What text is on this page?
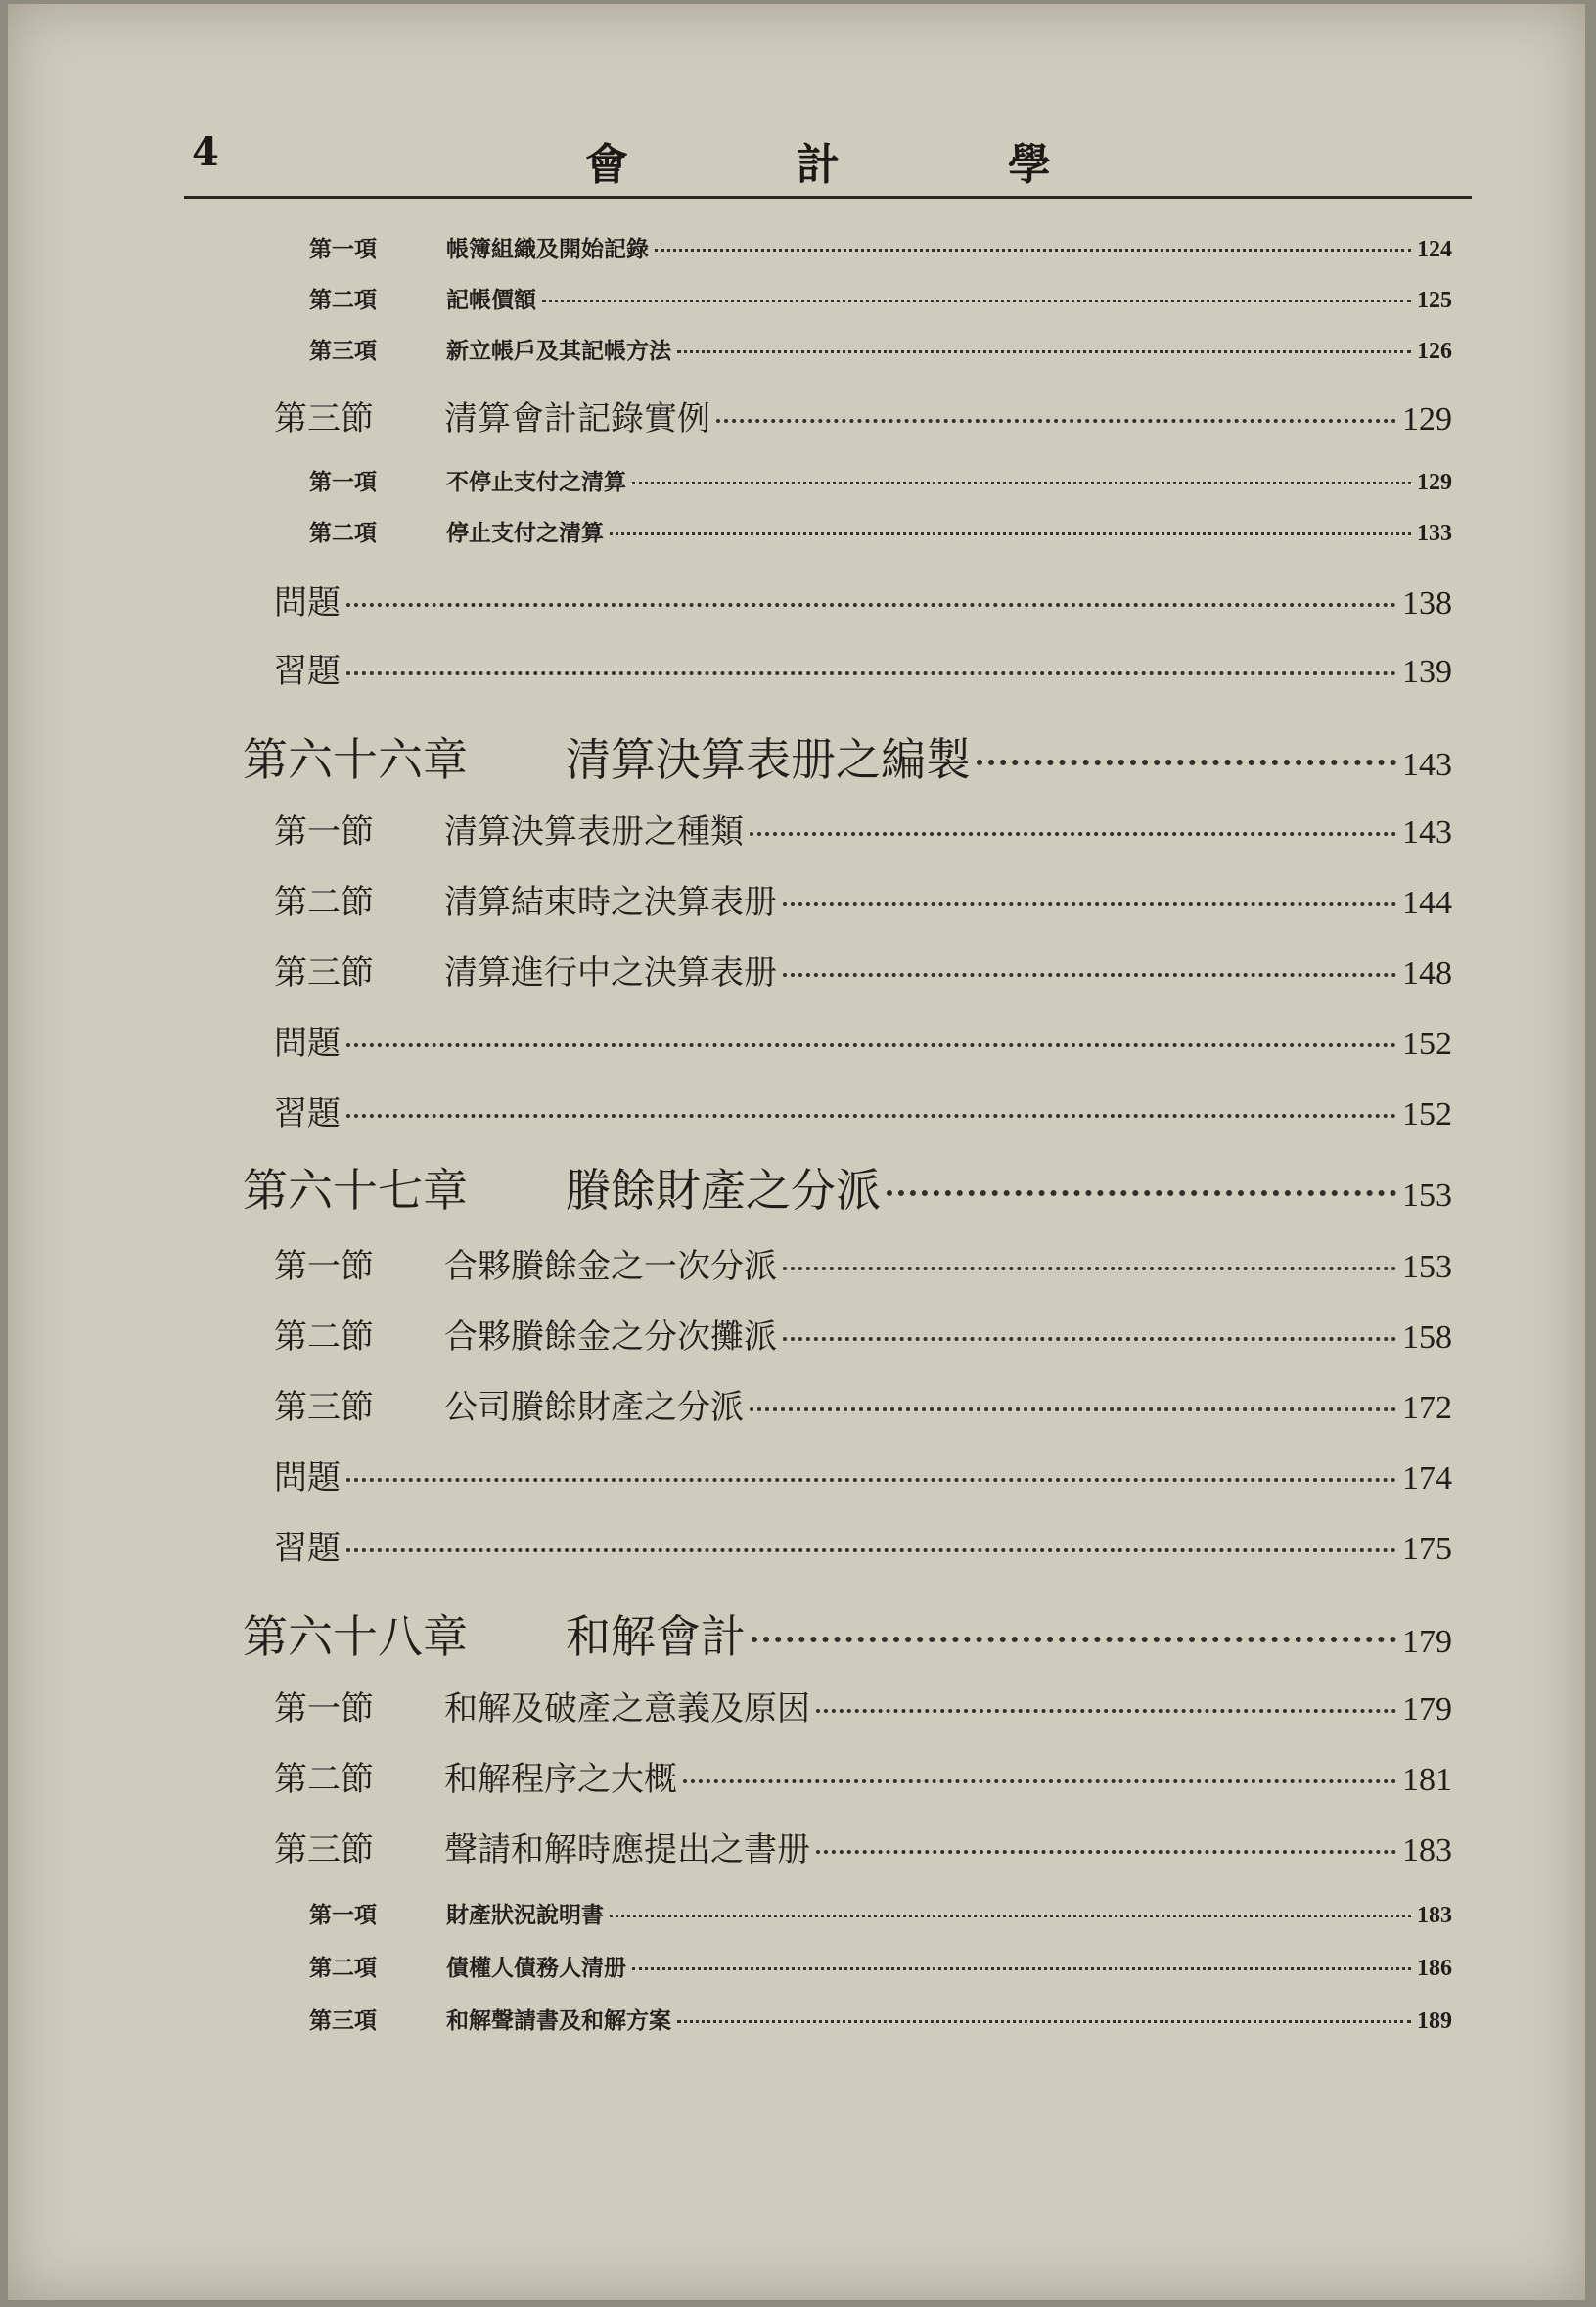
4	會	計	學
第一項	帳簿組織及開始記錄	124
第二項	記帳價額	125
第三項	新立帳戶及其記帳方法	126
第三節	清算會計記錄實例	129
第一項	不停止支付之清算	129
第二項	停止支付之清算	133
問題	138
習題	139
第六十六章	清算決算表册之編製	143
第一節	清算決算表册之種類	143
第二節	清算結束時之決算表册	144
第三節	清算進行中之決算表册	148
問題	152
習題	152
第六十七章	賸餘財產之分派	153
第一節	合夥賸餘金之一次分派	153
第二節	合夥賸餘金之分次攤派	158
第三節	公司賸餘財產之分派	172
問題	174
習題	175
第六十八章	和解會計	179
第一節	和解及破產之意義及原因	179
第二節	和解程序之大概	181
第三節	聲請和解時應提出之書册	183
第一項	財產狀況說明書	183
第二項	債權人債務人清册	186
第三項	和解聲請書及和解方案	189
